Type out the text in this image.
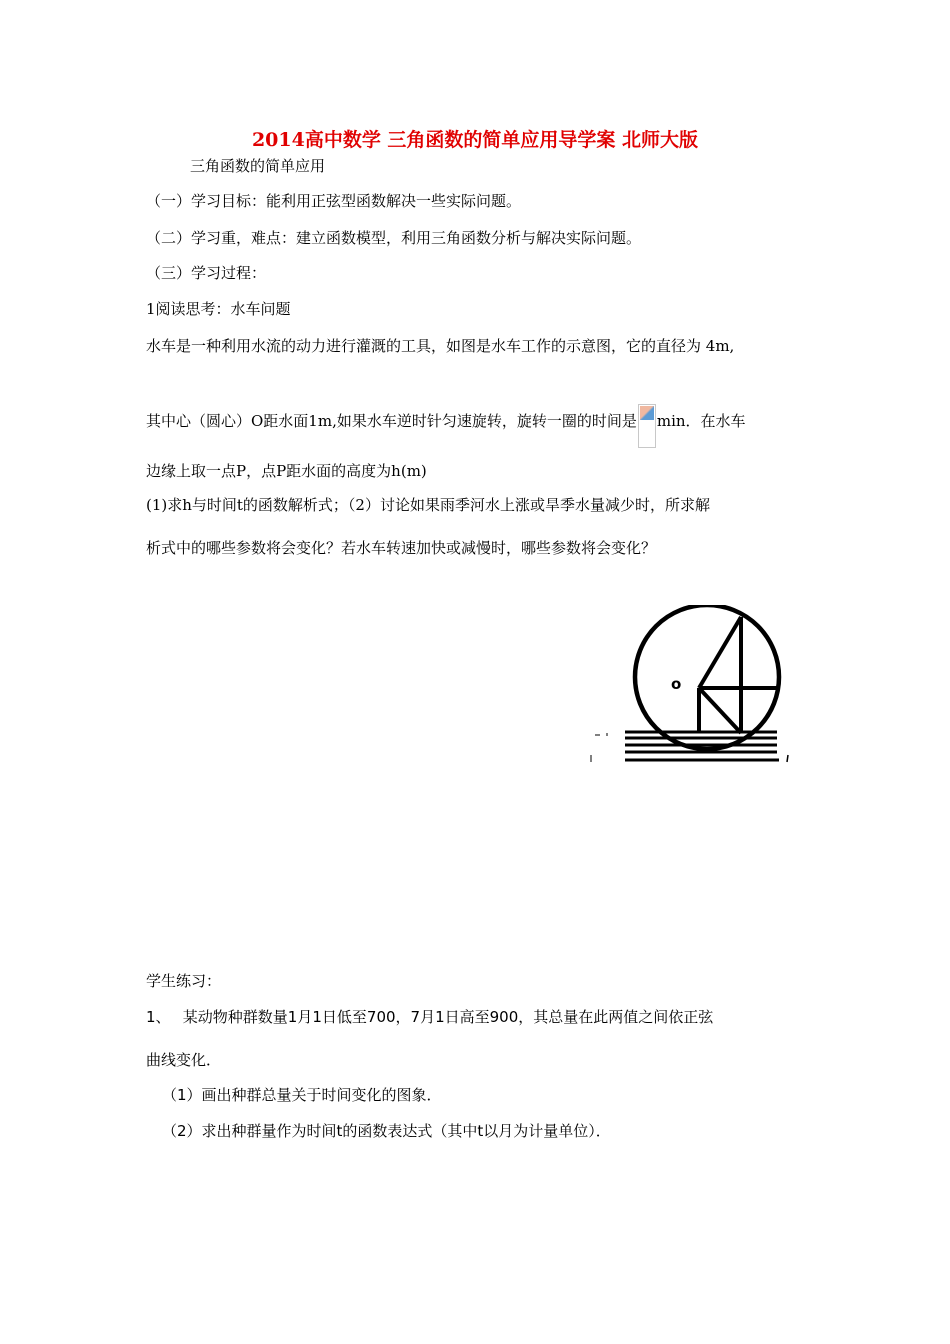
2014高中数学 三角函数的简单应用导学案 北师大版
三角函数的简单应用
（一）学习目标：能利用正弦型函数解决一些实际问题。
（二）学习重，难点：建立函数模型，利用三角函数分析与解决实际问题。
（三）学习过程：
1阅读思考：水车问题
水车是一种利用水流的动力进行灌溉的工具，如图是水车工作的示意图，它的直径为 4m,
其中心（圆心）O距水面1m,如果水车逆时针匀速旋转，旋转一圈的时间是 min．在水车
边缘上取一点P，点P距水面的高度为h(m)
(1)求h与时间t的函数解析式；（2）讨论如果雨季河水上涨或旱季水量减少时，所求解
析式中的哪些参数将会变化？若水车转速加快或减慢时，哪些参数将会变化？
o
学生练习：
1、　 某动物种群数量1月1日低至700，7月1日高至900，其总量在此两值之间依正弦
曲线变化．
（1）画出种群总量关于时间变化的图象．
（2）求出种群量作为时间t的函数表达式（其中t以月为计量单位）．
